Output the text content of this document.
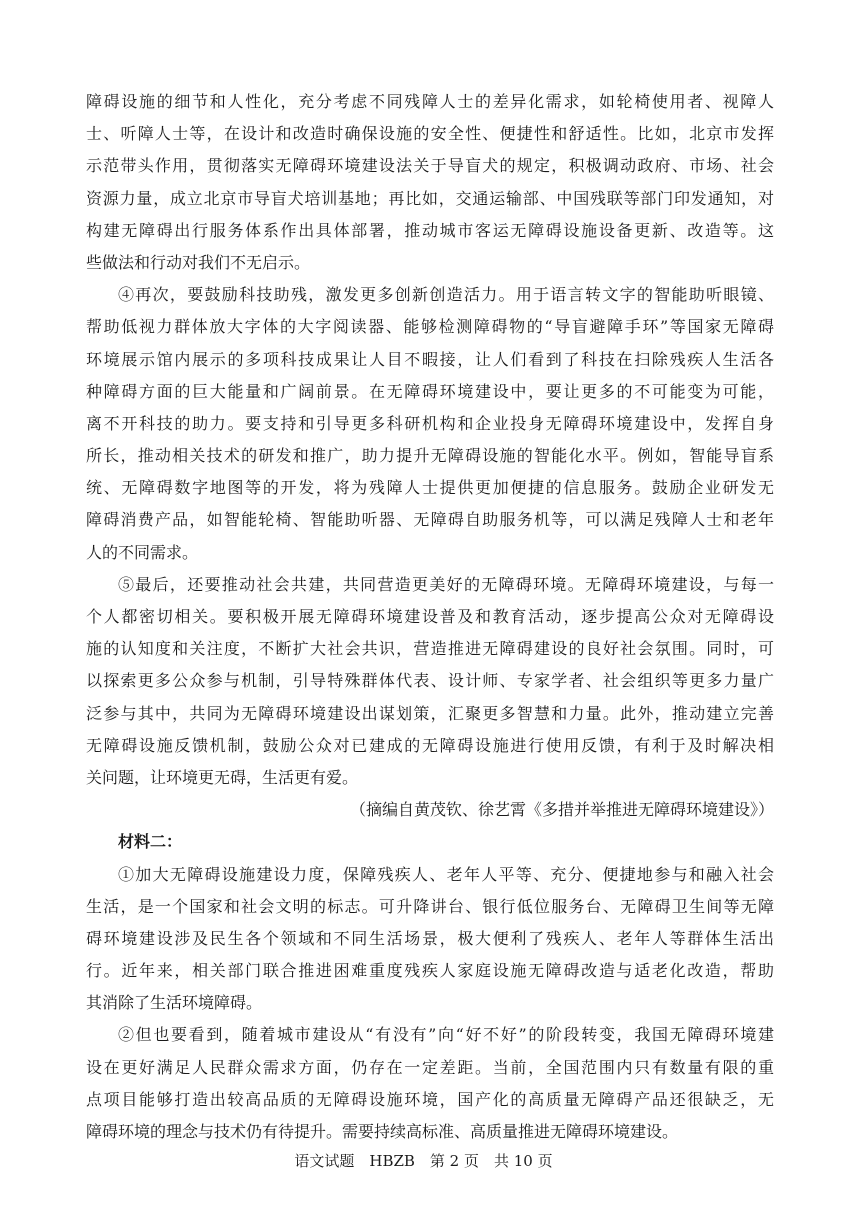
障碍设施的细节和人性化，充分考虑不同残障人士的差异化需求，如轮椅使用者、视障人
士、听障人士等，在设计和改造时确保设施的安全性、便捷性和舒适性。比如，北京市发挥
示范带头作用，贯彻落实无障碍环境建设法关于导盲犬的规定，积极调动政府、市场、社会
资源力量，成立北京市导盲犬培训基地；再比如，交通运输部、中国残联等部门印发通知，对
构建无障碍出行服务体系作出具体部署，推动城市客运无障碍设施设备更新、改造等。这
些做法和行动对我们不无启示。
④再次，要鼓励科技助残，激发更多创新创造活力。用于语言转文字的智能助听眼镜、
帮助低视力群体放大字体的大字阅读器、能够检测障碍物的“导盲避障手环”等国家无障碍
环境展示馆内展示的多项科技成果让人目不暇接，让人们看到了科技在扫除残疾人生活各
种障碍方面的巨大能量和广阔前景。在无障碍环境建设中，要让更多的不可能变为可能，
离不开科技的助力。要支持和引导更多科研机构和企业投身无障碍环境建设中，发挥自身
所长，推动相关技术的研发和推广，助力提升无障碍设施的智能化水平。例如，智能导盲系
统、无障碍数字地图等的开发，将为残障人士提供更加便捷的信息服务。鼓励企业研发无
障碍消费产品，如智能轮椅、智能助听器、无障碍自助服务机等，可以满足残障人士和老年
人的不同需求。
⑤最后，还要推动社会共建，共同营造更美好的无障碍环境。无障碍环境建设，与每一
个人都密切相关。要积极开展无障碍环境建设普及和教育活动，逐步提高公众对无障碍设
施的认知度和关注度，不断扩大社会共识，营造推进无障碍建设的良好社会氛围。同时，可
以探索更多公众参与机制，引导特殊群体代表、设计师、专家学者、社会组织等更多力量广
泛参与其中，共同为无障碍环境建设出谋划策，汇聚更多智慧和力量。此外，推动建立完善
无障碍设施反馈机制，鼓励公众对已建成的无障碍设施进行使用反馈，有利于及时解决相
关问题，让环境更无碍，生活更有爱。
（摘编自黄茂钦、徐艺霄《多措并举推进无障碍环境建设》）
材料二：
①加大无障碍设施建设力度，保障残疾人、老年人平等、充分、便捷地参与和融入社会
生活，是一个国家和社会文明的标志。可升降讲台、银行低位服务台、无障碍卫生间等无障
碍环境建设涉及民生各个领域和不同生活场景，极大便利了残疾人、老年人等群体生活出
行。近年来，相关部门联合推进困难重度残疾人家庭设施无障碍改造与适老化改造，帮助
其消除了生活环境障碍。
②但也要看到，随着城市建设从“有没有”向“好不好”的阶段转变，我国无障碍环境建
设在更好满足人民群众需求方面，仍存在一定差距。当前，全国范围内只有数量有限的重
点项目能够打造出较高品质的无障碍设施环境，国产化的高质量无障碍产品还很缺乏，无
障碍环境的理念与技术仍有待提升。需要持续高标准、高质量推进无障碍环境建设。
语文试题　HBZB　第 2 页　共 10 页
